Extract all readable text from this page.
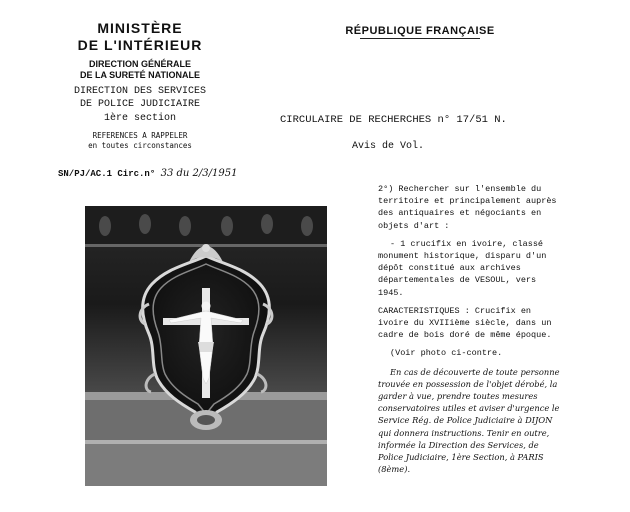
MINISTÈRE
DE L'INTÉRIEUR
DIRECTION GÉNÉRALE
DE LA SURETÉ NATIONALE
DIRECTION DES SERVICES
DE POLICE JUDICIAIRE
1ère section
REFERENCES A RAPPELER
en toutes circonstances
SN/PJ/AC.1 Circ.n° 33 du 2/3/1951
RÉPUBLIQUE FRANÇAISE
CIRCULAIRE DE RECHERCHES n° 17/51 N.
Avis de Vol.

2°) Rechercher sur l'ensemble du territoire et principalement auprès des antiquaires et négociants en objets d'art :

- 1 crucifix en ivoire, classé monument historique, disparu d'un dépôt constitué aux archives départementales de VESOUL, vers 1945.

CARACTERISTIQUES : Crucifix en ivoire du XVIIième siècle, dans un cadre de bois doré de même époque.

(Voir photo ci-contre.

En cas de découverte de toute personne trouvée en possession de l'objet dérobé, la garder à vue, prendre toutes mesures conservatoires utiles et aviser d'urgence le Service Rég. de Police Judiciaire à DIJON qui donnera instructions. Tenir en outre, informée la Direction des Services, de Police Judiciaire, 1ère Section, à PARIS (8ème).
